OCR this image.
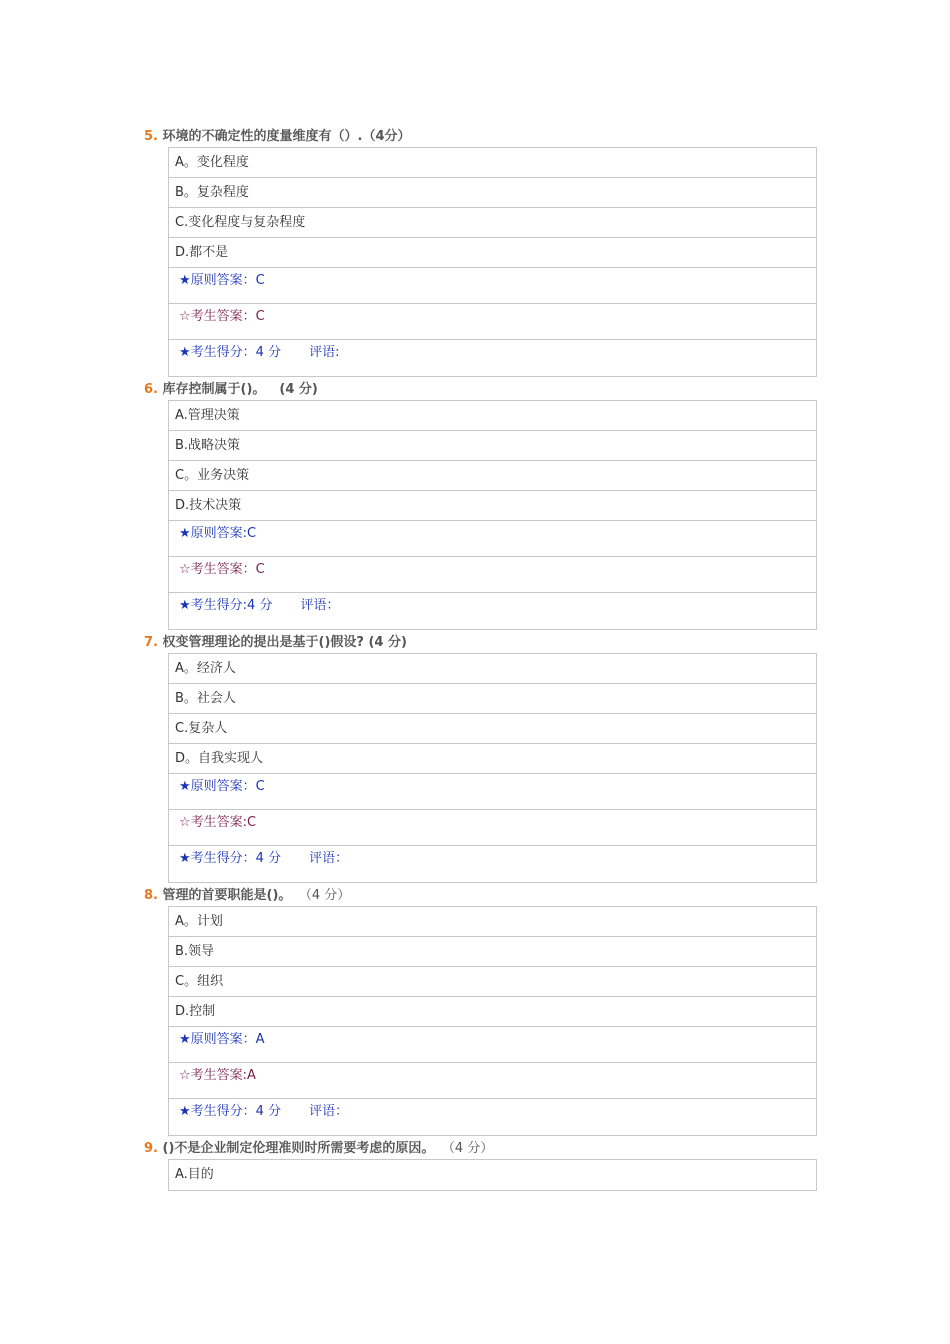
5. 环境的不确定性的度量维度有（）.（4分）
A。变化程度
B。复杂程度
C.变化程度与复杂程度
D.都不是
★原则答案：C
☆考生答案：C
★考生得分：4 分 评语:
6. 库存控制属于()。 (4 分)
A.管理决策
B.战略决策
C。业务决策
D.技术决策
★原则答案:C
☆考生答案：C
★考生得分:4 分 评语：
7. 权变管理理论的提出是基于()假设? (4 分)
A。经济人
B。社会人
C.复杂人
D。自我实现人
★原则答案：C
☆考生答案:C
★考生得分：4 分 评语：
8. 管理的首要职能是()。 （4 分）
A。计划
B.领导
C。组织
D.控制
★原则答案：A
☆考生答案:A
★考生得分：4 分 评语：
9. ()不是企业制定伦理准则时所需要考虑的原因。 （4 分）
A.目的
